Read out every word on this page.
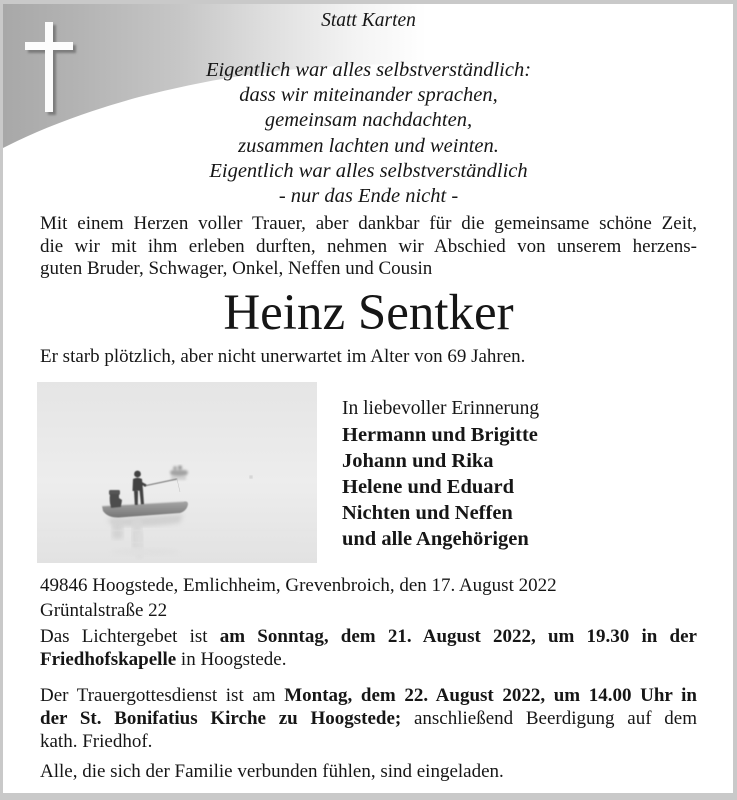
Statt Karten
Eigentlich war alles selbstverständlich:
dass wir miteinander sprachen,
gemeinsam nachdachten,
zusammen lachten und weinten.
Eigentlich war alles selbstverständlich
- nur das Ende nicht -
Mit einem Herzen voller Trauer, aber dankbar für die gemeinsame schöne Zeit,
die wir mit ihm erleben durften, nehmen wir Abschied von unserem herzens-
guten Bruder, Schwager, Onkel, Neffen und Cousin
Heinz Sentker
Er starb plötzlich, aber nicht unerwartet im Alter von 69 Jahren.
In liebevoller Erinnerung
Hermann und Brigitte
Johann und Rika
Helene und Eduard
Nichten und Neffen
und alle Angehörigen
49846 Hoogstede, Emlichheim, Grevenbroich, den 17. August 2022
Grüntalstraße 22
Das Lichtergebet ist am Sonntag, dem 21. August 2022, um 19.30 in der
Friedhofskapelle in Hoogstede.
Der Trauergottesdienst ist am Montag, dem 22. August 2022, um 14.00 Uhr in
der St. Bonifatius Kirche zu Hoogstede; anschließend Beerdigung auf dem
kath. Friedhof.
Alle, die sich der Familie verbunden fühlen, sind eingeladen.
